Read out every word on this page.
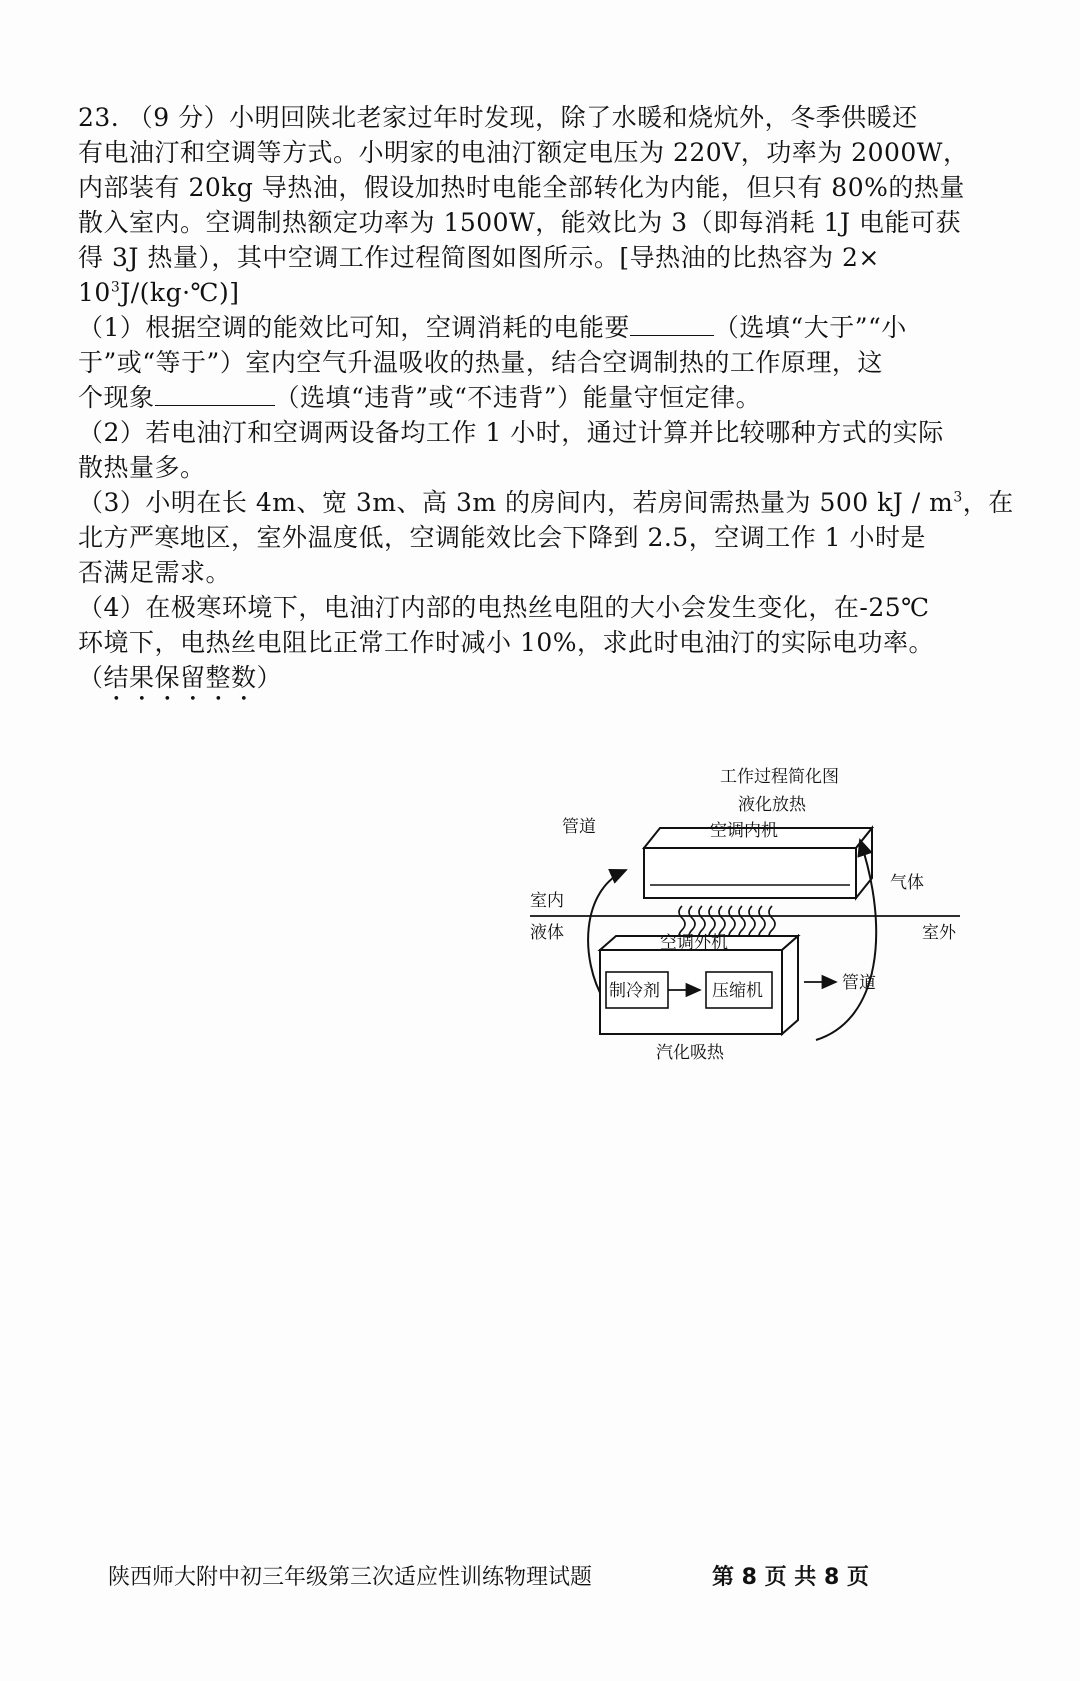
23. （9 分）小明回陕北老家过年时发现，除了水暖和烧炕外，冬季供暖还
有电油汀和空调等方式。小明家的电油汀额定电压为 220V，功率为 2000W，
内部装有 20kg 导热油，假设加热时电能全部转化为内能，但只有 80%的热量
散入室内。空调制热额定功率为 1500W，能效比为 3（即每消耗 1J 电能可获
得 3J 热量），其中空调工作过程简图如图所示。[导热油的比热容为 2×
$10^3J/(kg\cdot℃)$]
（1）根据空调的能效比可知，空调消耗的电能要	（选填“大于”“小
于”或“等于”）室内空气升温吸收的热量，结合空调制热的工作原理，这
个现象	（选填“违背”或“不违背”）能量守恒定律。
（2）若电油汀和空调两设备均工作 1 小时，通过计算并比较哪种方式的实际
散热量多。
（3）小明在长 4m、宽 3m、高 3m 的房间内，若房间需热量为 500 kJ / $m^3$，在
北方严寒地区，室外温度低，空调能效比会下降到 2.5，空调工作 1 小时是
否满足需求。
（4）在极寒环境下，电油汀内部的电热丝电阻的大小会发生变化，在-25℃
环境下，电热丝电阻比正常工作时减小 10%，求此时电油汀的实际电功率。
（结果保留整数）
工作过程简化图
液化放热
空调内机
管道
气体
室内
液体	室外
空调外机
制冷剂	压缩机	管道
汽化吸热
陕西师大附中初三年级第三次适应性训练物理试题	第 8 页 共 8 页
